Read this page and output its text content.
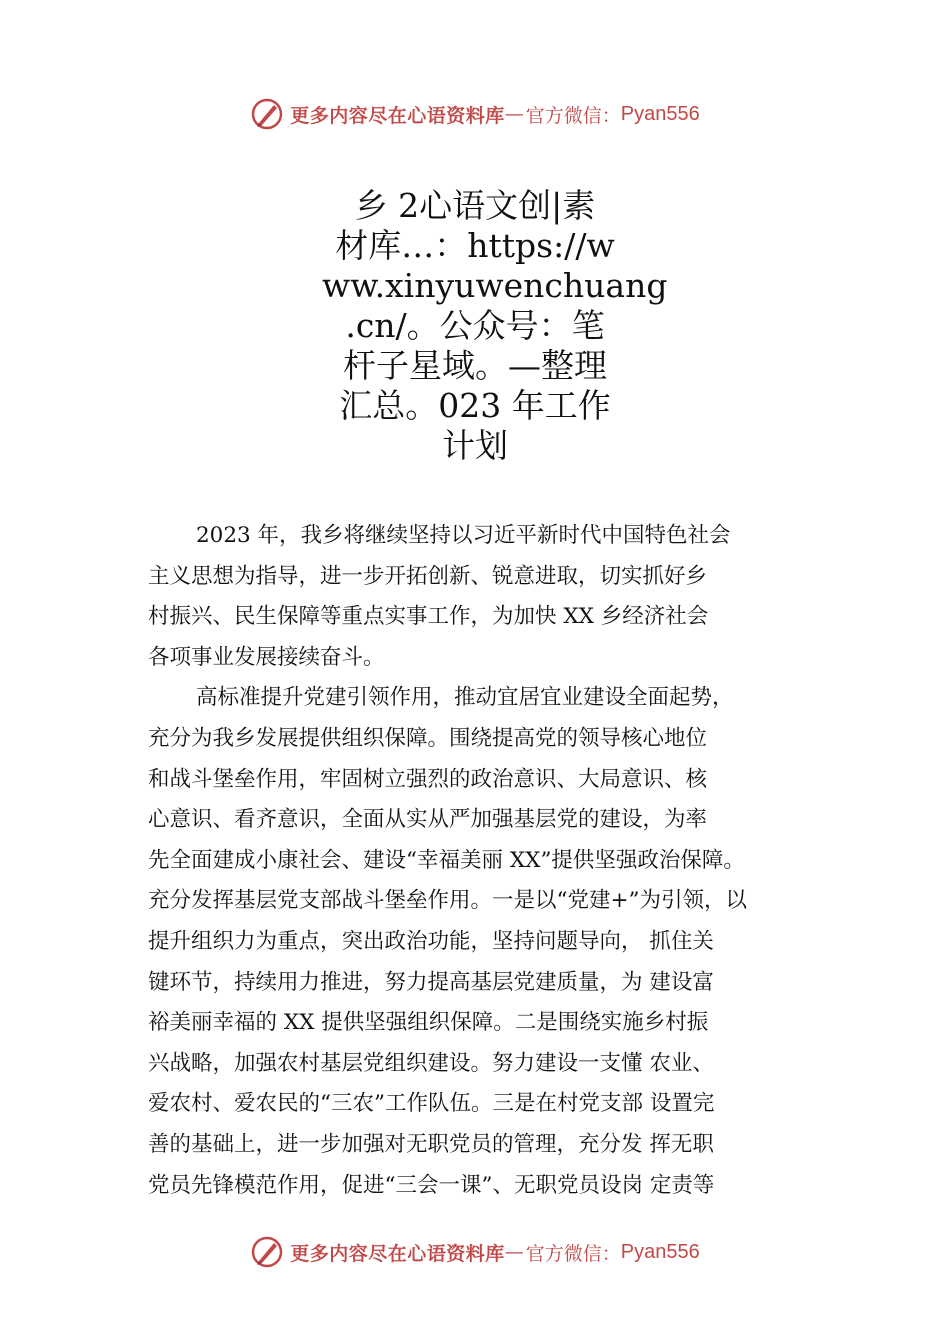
更多内容尽在心语资料库 — 官方微信： Pyan556
乡 2心语文创|素
材库…：https://w
ww.xinyuwenchuang
.cn/。公众号：笔
杆子星域。—整理
汇总。023 年工作
计划
2023 年，我乡将继续坚持以习近平新时代中国特色社会
主义思想为指导，进一步开拓创新、锐意进取，切实抓好乡
村振兴、民生保障等重点实事工作，为加快 XX 乡经济社会
各项事业发展接续奋斗。
高标准提升党建引领作用，推动宜居宜业建设全面起势，
充分为我乡发展提供组织保障。围绕提高党的领导核心地位
和战斗堡垒作用，牢固树立强烈的政治意识、大局意识、核
心意识、看齐意识，全面从实从严加强基层党的建设，为率
先全面建成小康社会、建设“幸福美丽 XX”提供坚强政治保障。
充分发挥基层党支部战斗堡垒作用。一是以“党建+”为引领，以
提升组织力为重点，突出政治功能，坚持问题导向， 抓住关
键环节，持续用力推进，努力提高基层党建质量，为 建设富
裕美丽幸福的 XX 提供坚强组织保障。二是围绕实施乡村振
兴战略，加强农村基层党组织建设。努力建设一支懂 农业、
爱农村、爱农民的“三农”工作队伍。三是在村党支部 设置完
善的基础上，进一步加强对无职党员的管理，充分发 挥无职
党员先锋模范作用，促进“三会一课”、无职党员设岗 定责等
更多内容尽在心语资料库 — 官方微信： Pyan556
